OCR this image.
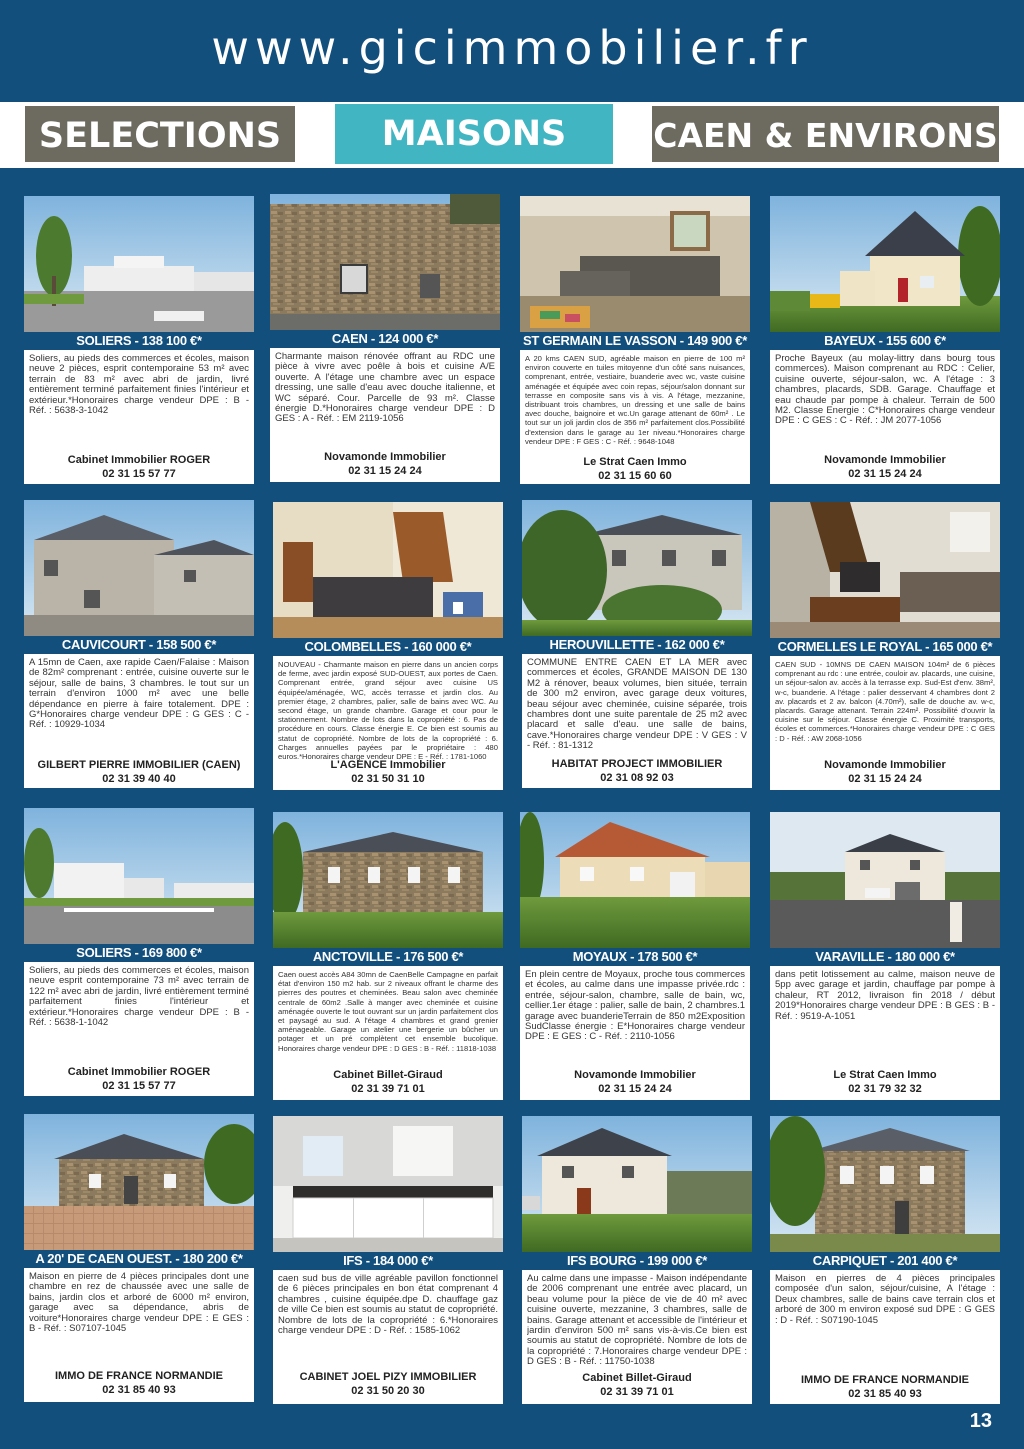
www.gicimmobilier.fr
SELECTIONS	MAISONS	CAEN & ENVIRONS
SOLIERS - 138 100 €*
Soliers, au pieds des commerces et écoles, maison neuve 2 pièces, esprit contemporaine 53 m² avec terrain de 83 m² avec abri de jardin, livré entièrement terminé parfaitement finies l'intérieur et extérieur.*Honoraires charge vendeur DPE : B - Réf. : 5638-3-1042
Cabinet Immobilier ROGER
02 31 15 57 77
CAEN - 124 000 €*
Charmante maison rénovée offrant au RDC une pièce à vivre avec poêle à bois et cuisine A/E ouverte. A l'étage une chambre avec un espace dressing, une salle d'eau avec douche italienne, et WC séparé. Cour. Parcelle de 93 m². Classe énergie D.*Honoraires charge vendeur DPE : D GES : A - Réf. : EM 2119-1056
Novamonde Immobilier
02 31 15 24 24
ST GERMAIN LE VASSON - 149 900 €*
A 20 kms CAEN SUD, agréable maison en pierre de 100 m² environ couverte en tuiles mitoyenne d'un côté sans nuisances, comprenant, entrée, vestiaire, buanderie avec wc, vaste cuisine aménagée et équipée avec coin repas, séjour/salon donnant sur terrasse en composite sans vis à vis. A l'étage, mezzanine, distribuant trois chambres, un dressing et une salle de bains avec douche, baignoire et wc.Un garage attenant de 60m² . Le tout sur un joli jardin clos de 356 m² parfaitement clos.Possibilité d'extension dans le garage au 1er niveau.*Honoraires charge vendeur DPE : F GES : C - Réf. : 9648-1048
Le Strat Caen Immo
02 31 15 60 60
BAYEUX - 155 600 €*
Proche Bayeux (au molay-littry dans bourg tous commerces). Maison comprenant au RDC : Celier, cuisine ouverte, séjour-salon, wc. A l'étage : 3 chambres, placards, SDB. Garage. Chauffage et eau chaude par pompe à chaleur. Terrain de 500 M2. Classe Energie : C*Honoraires charge vendeur DPE : C GES : C - Réf. : JM 2077-1056
Novamonde Immobilier
02 31 15 24 24
CAUVICOURT - 158 500 €*
A 15mn de Caen, axe rapide Caen/Falaise : Maison de 82m² comprenant : entrée, cuisine ouverte sur le séjour, salle de bains, 3 chambres. le tout sur un terrain d'environ 1000 m² avec une belle dépendance en pierre à faire totalement. DPE : G*Honoraires charge vendeur DPE : G GES : C - Réf. : 10929-1034
GILBERT PIERRE IMMOBILIER (CAEN)
02 31 39 40 40
COLOMBELLES - 160 000 €*
NOUVEAU - Charmante maison en pierre dans un ancien corps de ferme, avec jardin exposé SUD-OUEST, aux portes de Caen. Comprenant entrée, grand séjour avec cuisine US équipée/aménagée, WC, accès terrasse et jardin clos. Au premier étage, 2 chambres, palier, salle de bains avec WC. Au second étage, un grande chambre. Garage et cour pour le stationnement. Nombre de lots dans la copropriété : 6. Pas de procédure en cours. Classe énergie E. Ce bien est soumis au statut de copropriété. Nombre de lots de la copropriété : 6. Charges annuelles payées par le propriétaire : 480 euros.*Honoraires charge vendeur DPE : E - Réf. : 1781-1060
L'AGENCE Immobilier
02 31 50 31 10
HEROUVILLETTE - 162 000 €*
COMMUNE ENTRE CAEN ET LA MER avec commerces et écoles, GRANDE MAISON DE 130 M2 à rénover, beaux volumes, bien située, terrain de 300 m2 environ, avec garage deux voitures, beau séjour avec cheminée, cuisine séparée, trois chambres dont une suite parentale de 25 m2 avec placard et salle d'eau. une salle de bains, cave.*Honoraires charge vendeur DPE : V GES : V - Réf. : 81-1312
HABITAT PROJECT IMMOBILIER
02 31 08 92 03
CORMELLES LE ROYAL - 165 000 €*
CAEN SUD - 10MNS DE CAEN MAISON 104m² de 6 pièces comprenant au rdc : une entrée, couloir av. placards, une cuisine, un séjour-salon av. accès à la terrasse exp. Sud-Est d'env. 38m², w-c, buanderie. A l'étage : palier desservant 4 chambres dont 2 av. placards et 2 av. balcon (4.70m²), salle de douche av. w-c, placards. Garage attenant. Terrain 224m². Possibilité d'ouvrir la cuisine sur le séjour. Classe énergie C. Proximité transports, écoles et commerces.*Honoraires charge vendeur DPE : C GES : D - Réf. : AW 2068-1056
Novamonde Immobilier
02 31 15 24 24
SOLIERS - 169 800 €*
Soliers, au pieds des commerces et écoles, maison neuve esprit contemporaine 73 m² avec terrain de 122 m² avec abri de jardin, livré entièrement terminé parfaitement finies l'intérieur et extérieur.*Honoraires charge vendeur DPE : B - Réf. : 5638-1-1042
Cabinet Immobilier ROGER
02 31 15 57 77
ANCTOVILLE - 176 500 €*
Caen ouest accès A84 30mn de CaenBelle Campagne en parfait état d'environ 150 m2 hab. sur 2 niveaux offrant le charme des pierres des poutres et cheminées. Beau salon avec cheminée centrale de 60m2 .Salle à manger avec cheminée et cuisine aménagée ouverte le tout ouvrant sur un jardin parfaitement clos et paysagé au sud. A l'étage 4 chambres et grand grenier aménageable. Garage un atelier une bergerie un bûcher un potager et un pré complètent cet ensemble bucolique. Honoraires charge vendeur DPE : D GES : B - Réf. : 11818-1038
Cabinet Billet-Giraud
02 31 39 71 01
MOYAUX - 178 500 €*
En plein centre de Moyaux, proche tous commerces et écoles, au calme dans une impasse privée.rdc : entrée, séjour-salon, chambre, salle de bain, wc, cellier.1er étage : palier, salle de bain, 2 chambres.1 garage avec buanderieTerrain de 850 m2Exposition SudClasse énergie : E*Honoraires charge vendeur DPE : E GES : C - Réf. : 2110-1056
Novamonde Immobilier
02 31 15 24 24
VARAVILLE - 180 000 €*
dans petit lotissement au calme, maison neuve de 5pp avec garage et jardin, chauffage par pompe à chaleur, RT 2012, livraison fin 2018 / début 2019*Honoraires charge vendeur DPE : B GES : B - Réf. : 9519-A-1051
Le Strat Caen Immo
02 31 79 32 32
A 20' DE CAEN OUEST. - 180 200 €*
Maison en pierre de 4 pièces principales dont une chambre en rez de chaussée avec une salle de bains, jardin clos et arboré de 6000 m² environ, garage avec sa dépendance, abris de voiture*Honoraires charge vendeur DPE : E GES : B - Réf. : S07107-1045
IMMO DE FRANCE NORMANDIE
02 31 85 40 93
IFS - 184 000 €*
caen sud bus de ville agréable pavillon fonctionnel de 6 pièces principales en bon état comprenant 4 chambres , cuisine équipée.dpe D. chauffage gaz de ville Ce bien est soumis au statut de copropriété. Nombre de lots de la copropriété : 6.*Honoraires charge vendeur DPE : D - Réf. : 1585-1062
CABINET JOEL PIZY IMMOBILIER
02 31 50 20 30
IFS BOURG - 199 000 €*
Au calme dans une impasse - Maison indépendante de 2006 comprenant une entrée avec placard, un beau volume pour la pièce de vie de 40 m² avec cuisine ouverte, mezzanine, 3 chambres, salle de bains. Garage attenant et accessible de l'intérieur et jardin d'environ 500 m² sans vis-à-vis.Ce bien est soumis au statut de copropriété. Nombre de lots de la copropriété : 7.Honoraires charge vendeur DPE : D GES : B - Réf. : 11750-1038
Cabinet Billet-Giraud
02 31 39 71 01
CARPIQUET - 201 400 €*
Maison en pierres de 4 pièces principales composée d'un salon, séjour/cuisine, A l'étage : Deux chambres, salle de bains cave terrain clos et arboré de 300 m environ exposé sud DPE : G GES : D - Réf. : S07190-1045
IMMO DE FRANCE NORMANDIE
02 31 85 40 93
13
